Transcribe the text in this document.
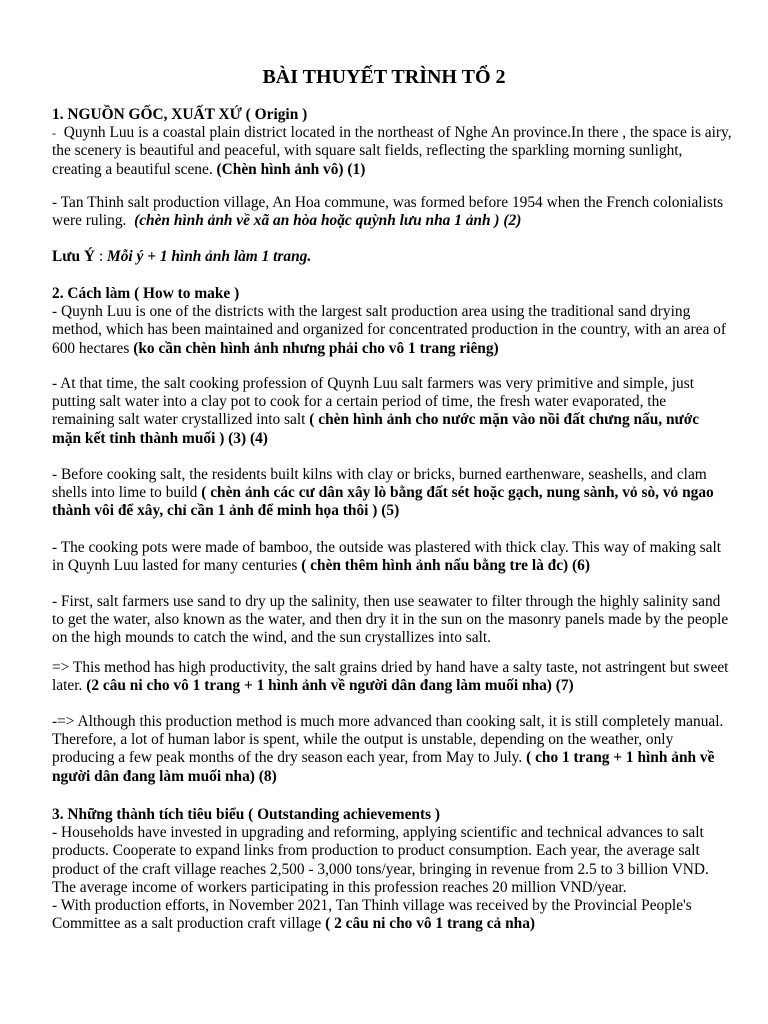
BÀI THUYẾT TRÌNH TỔ 2
1. NGUỒN GỐC, XUẤT XỨ ( Origin )

- Quynh Luu is a coastal plain district located in the northeast of Nghe An province.In there , the space is airy, the scenery is beautiful and peaceful, with square salt fields, reflecting the sparkling morning sunlight, creating a beautiful scene. (Chèn hình ảnh vô) (1)

- Tan Thinh salt production village, An Hoa commune, was formed before 1954 when the French colonialists were ruling. (chèn hình ảnh về xã an hòa hoặc quỳnh lưu nha 1 ảnh ) (2)

Lưu Ý : Mỗi ý + 1 hình ảnh làm 1 trang.

2. Cách làm ( How to make )

- Quynh Luu is one of the districts with the largest salt production area using the traditional sand drying method, which has been maintained and organized for concentrated production in the country, with an area of 600 hectares (ko cần chèn hình ảnh nhưng phải cho vô 1 trang riêng)

- At that time, the salt cooking profession of Quynh Luu salt farmers was very primitive and simple, just putting salt water into a clay pot to cook for a certain period of time, the fresh water evaporated, the remaining salt water crystallized into salt ( chèn hình ảnh cho nước mặn vào nồi đất chưng nấu, nước mặn kết tinh thành muối ) (3) (4)

- Before cooking salt, the residents built kilns with clay or bricks, burned earthenware, seashells, and clam shells into lime to build ( chèn ảnh các cư dân xây lò bằng đất sét hoặc gạch, nung sành, vỏ sò, vỏ ngao thành vôi để xây, chỉ cần 1 ảnh để minh họa thôi ) (5)

- The cooking pots were made of bamboo, the outside was plastered with thick clay. This way of making salt in Quynh Luu lasted for many centuries ( chèn thêm hình ảnh nấu bằng tre là đc) (6)

- First, salt farmers use sand to dry up the salinity, then use seawater to filter through the highly salinity sand to get the water, also known as the water, and then dry it in the sun on the masonry panels made by the people on the high mounds to catch the wind, and the sun crystallizes into salt.

=> This method has high productivity, the salt grains dried by hand have a salty taste, not astringent but sweet later. (2 câu ni cho vô 1 trang + 1 hình ảnh về người dân đang làm muối nha) (7)

-=> Although this production method is much more advanced than cooking salt, it is still completely manual. Therefore, a lot of human labor is spent, while the output is unstable, depending on the weather, only producing a few peak months of the dry season each year, from May to July. ( cho 1 trang + 1 hình ảnh về người dân đang làm muối nha) (8)

3. Những thành tích tiêu biểu ( Outstanding achievements )

- Households have invested in upgrading and reforming, applying scientific and technical advances to salt products. Cooperate to expand links from production to product consumption. Each year, the average salt product of the craft village reaches 2,500 - 3,000 tons/year, bringing in revenue from 2.5 to 3 billion VND. The average income of workers participating in this profession reaches 20 million VND/year.

- With production efforts, in November 2021, Tan Thinh village was received by the Provincial People's Committee as a salt production craft village ( 2 câu ni cho vô 1 trang cả nha)
